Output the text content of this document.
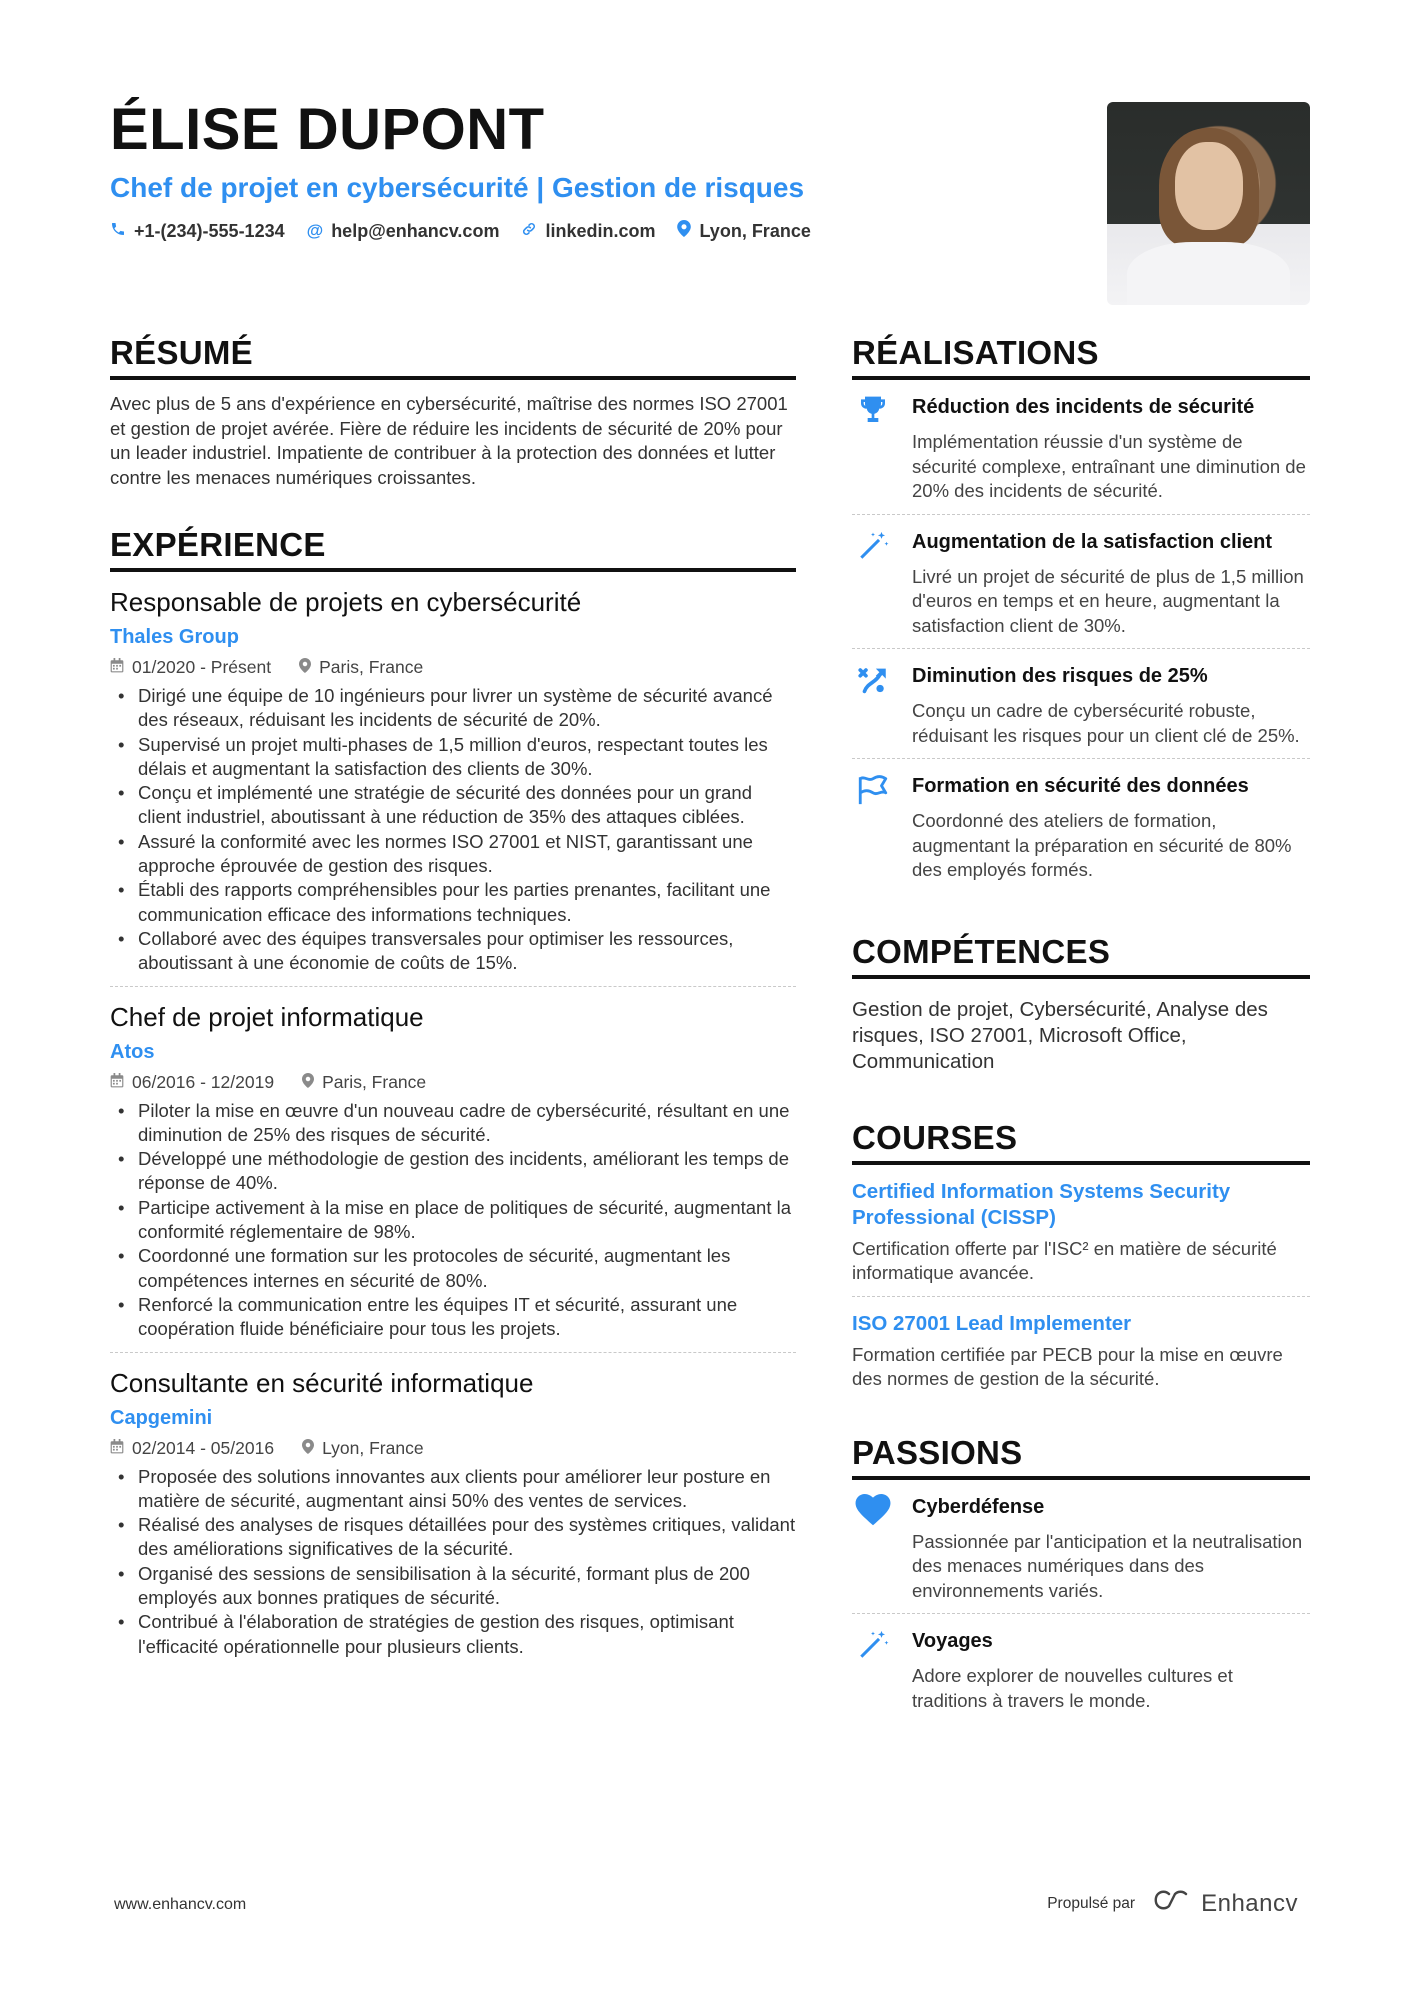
ÉLISE DUPONT
Chef de projet en cybersécurité | Gestion de risques
+1-(234)-555-1234 @ help@enhancv.com	linkedin.com Lyon, France
RÉSUMÉ
Avec plus de 5 ans d'expérience en cybersécurité, maîtrise des normes ISO 27001 et gestion de projet avérée. Fière de réduire les incidents de sécurité de 20% pour un leader industriel. Impatiente de contribuer à la protection des données et lutter contre les menaces numériques croissantes.
EXPÉRIENCE
Responsable de projets en cybersécurité
Thales Group
01/2020 - Présent	Paris, France
• Dirigé une équipe de 10 ingénieurs pour livrer un système de sécurité avancé des réseaux, réduisant les incidents de sécurité de 20%.
• Supervisé un projet multi-phases de 1,5 million d'euros, respectant toutes les délais et augmentant la satisfaction des clients de 30%.
• Conçu et implémenté une stratégie de sécurité des données pour un grand client industriel, aboutissant à une réduction de 35% des attaques ciblées.
• Assuré la conformité avec les normes ISO 27001 et NIST, garantissant une approche éprouvée de gestion des risques.
• Établi des rapports compréhensibles pour les parties prenantes, facilitant une communication efficace des informations techniques.
• Collaboré avec des équipes transversales pour optimiser les ressources, aboutissant à une économie de coûts de 15%.
Chef de projet informatique
Atos
06/2016 - 12/2019	Paris, France
• Piloter la mise en œuvre d'un nouveau cadre de cybersécurité, résultant en une diminution de 25% des risques de sécurité.
• Développé une méthodologie de gestion des incidents, améliorant les temps de réponse de 40%.
• Participe activement à la mise en place de politiques de sécurité, augmentant la conformité réglementaire de 98%.
• Coordonné une formation sur les protocoles de sécurité, augmentant les compétences internes en sécurité de 80%.
• Renforcé la communication entre les équipes IT et sécurité, assurant une coopération fluide bénéficiaire pour tous les projets.
Consultante en sécurité informatique
Capgemini
02/2014 - 05/2016	Lyon, France
• Proposée des solutions innovantes aux clients pour améliorer leur posture en matière de sécurité, augmentant ainsi 50% des ventes de services.
• Réalisé des analyses de risques détaillées pour des systèmes critiques, validant des améliorations significatives de la sécurité.
• Organisé des sessions de sensibilisation à la sécurité, formant plus de 200 employés aux bonnes pratiques de sécurité.
• Contribué à l'élaboration de stratégies de gestion des risques, optimisant l'efficacité opérationnelle pour plusieurs clients.
RÉALISATIONS
Réduction des incidents de sécurité
Implémentation réussie d'un système de sécurité complexe, entraînant une diminution de 20% des incidents de sécurité.
Augmentation de la satisfaction client
Livré un projet de sécurité de plus de 1,5 million d'euros en temps et en heure, augmentant la satisfaction client de 30%.
Diminution des risques de 25%
Conçu un cadre de cybersécurité robuste, réduisant les risques pour un client clé de 25%.
Formation en sécurité des données
Coordonné des ateliers de formation, augmentant la préparation en sécurité de 80% des employés formés.
COMPÉTENCES
Gestion de projet, Cybersécurité, Analyse des risques, ISO 27001, Microsoft Office, Communication
COURSES
Certified Information Systems Security Professional (CISSP)
Certification offerte par l'ISC² en matière de sécurité informatique avancée.
ISO 27001 Lead Implementer
Formation certifiée par PECB pour la mise en œuvre des normes de gestion de la sécurité.
PASSIONS
Cyberdéfense
Passionnée par l'anticipation et la neutralisation des menaces numériques dans des environnements variés.
Voyages
Adore explorer de nouvelles cultures et traditions à travers le monde.
www.enhancv.com	Propulsé par	Enhancv
